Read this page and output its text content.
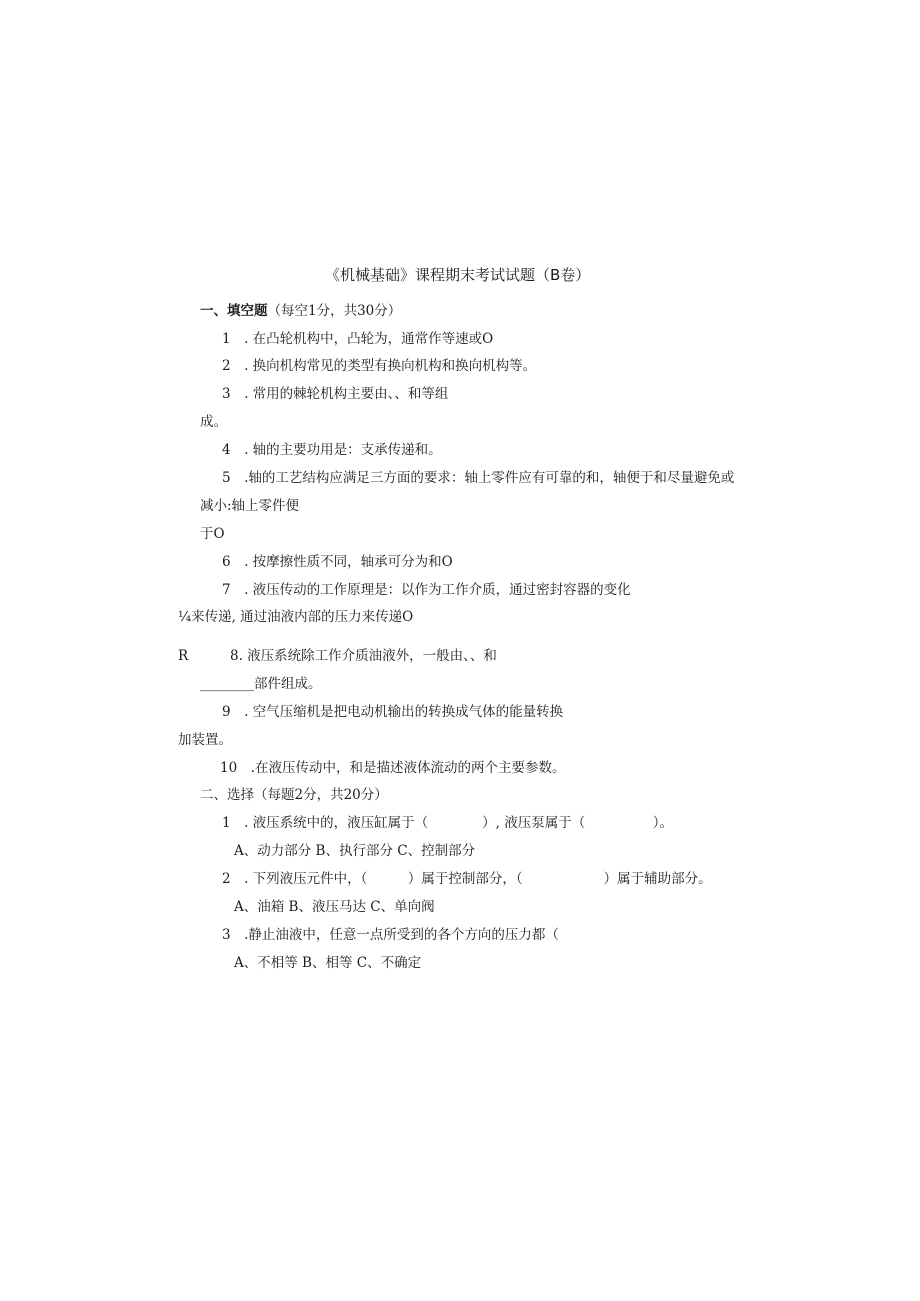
《机械基础》课程期末考试试题（B卷）
一、填空题（每空1分，共30分）
1　. 在凸轮机构中，凸轮为，通常作等速或O
2　. 换向机构常见的类型有换向机构和换向机构等。
3　. 常用的棘轮机构主要由、、和等组
成。
4　. 轴的主要功用是：支承传递和。
5　.轴的工艺结构应满足三方面的要求：轴上零件应有可靠的和，轴便于和尽量避免或
减小:轴上零件便
于O
6　. 按摩擦性质不同，轴承可分为和O
7　. 液压传动的工作原理是：以作为工作介质，通过密封容器的变化
¼来传递, 通过油液内部的压力来传递O
R	8. 液压系统除工作介质油液外，一般由、、和
________部件组成。
9　. 空气压缩机是把电动机输出的转换成气体的能量转换
加装置。
10　.在液压传动中，和是描述液体流动的两个主要参数。
二、选择（每题2分，共20分）
1　. 液压系统中的，液压缸属于（　　　　）, 液压泵属于（　　　　　）。
A、动力部分 B、执行部分 C、控制部分
2　. 下列液压元件中，（　　　）属于控制部分，（　　　　　　）属于辅助部分。
A、油箱 B、液压马达 C、单向阀
3　.静止油液中，任意一点所受到的各个方向的压力都（
A、不相等 B、相等 C、不确定
